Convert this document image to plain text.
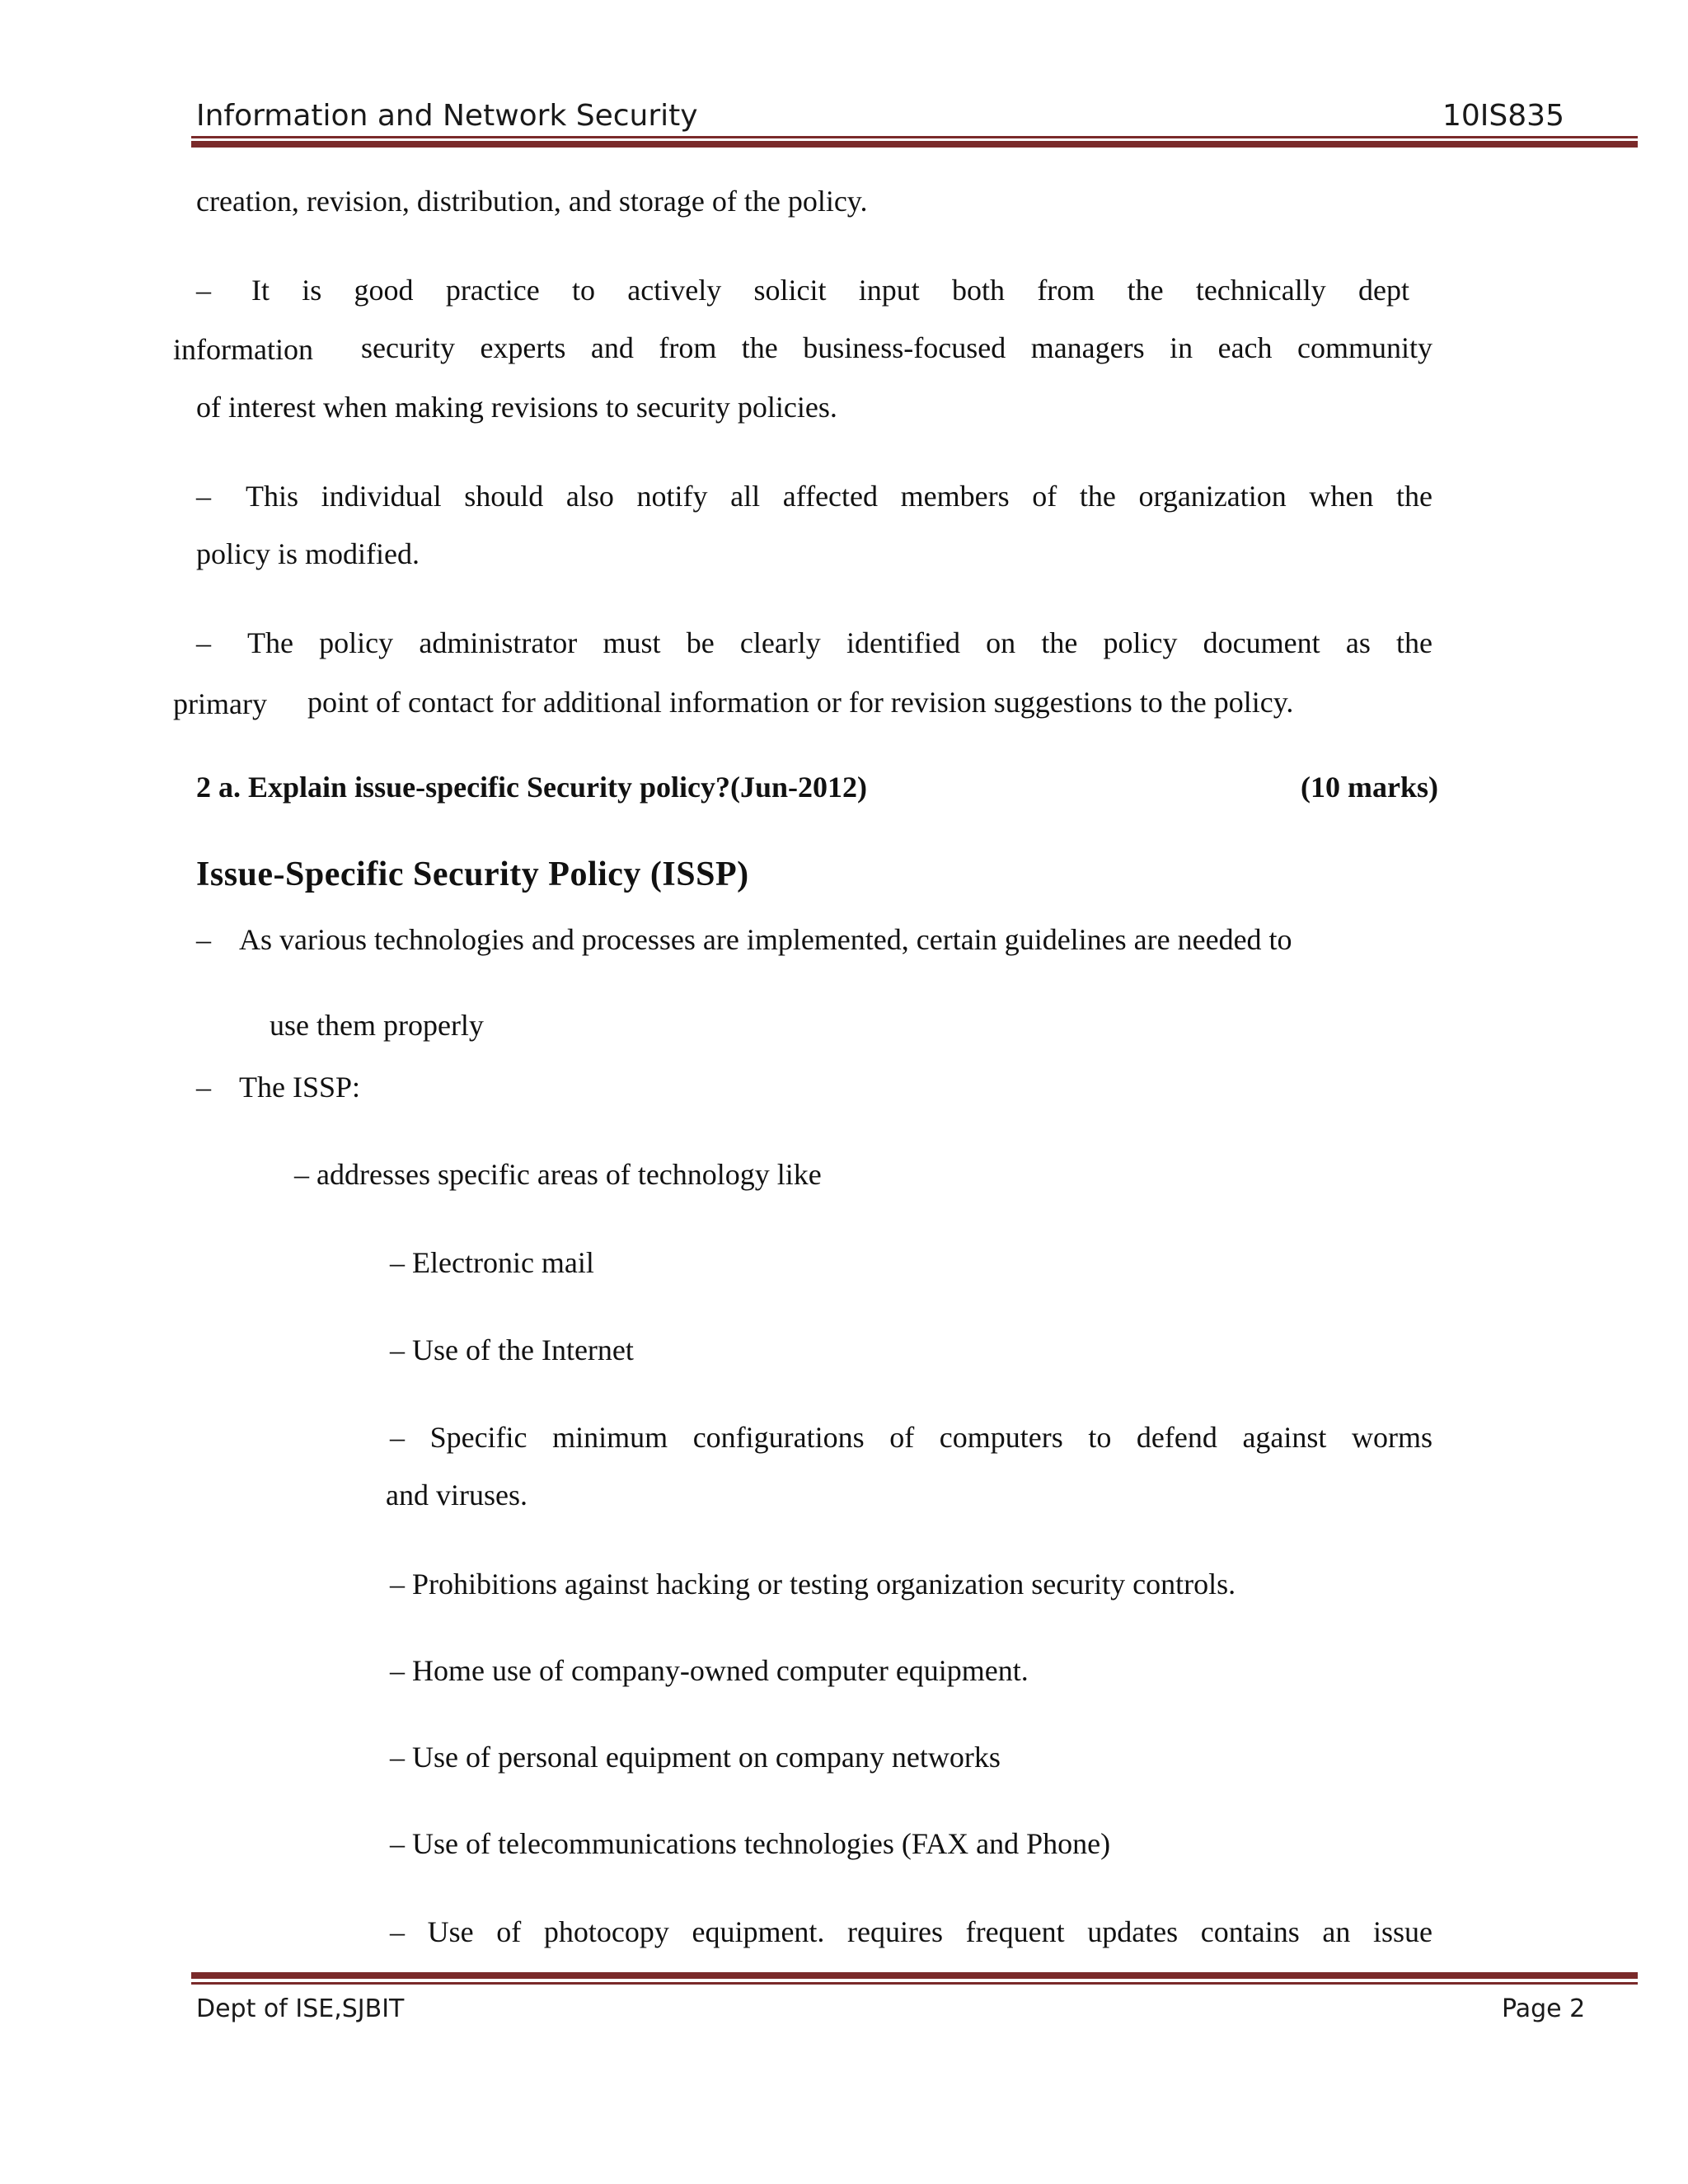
Information and Network Security	10IS835
creation, revision, distribution, and storage of the policy.
– It is good practice to actively solicit input both from the technically dept
information security experts and from the business-focused managers in each community
of interest when making revisions to security policies.
– This individual should also notify all affected members of the organization when the
policy is modified.
– The policy administrator must be clearly identified on the policy document as the
primary point of contact for additional information or for revision suggestions to the policy.
2 a. Explain issue-specific Security policy?(Jun-2012)	(10 marks)
Issue-Specific Security Policy (ISSP)
– As various technologies and processes are implemented, certain guidelines are needed to
use them properly
– The ISSP:
– addresses specific areas of technology like
– Electronic mail
– Use of the Internet
– Specific minimum configurations of computers to defend against worms
and viruses.
– Prohibitions against hacking or testing organization security controls.
– Home use of company-owned computer equipment.
– Use of personal equipment on company networks
– Use of telecommunications technologies (FAX and Phone)
– Use of photocopy equipment. requires frequent updates contains an issue
Dept of ISE,SJBIT	Page 2
